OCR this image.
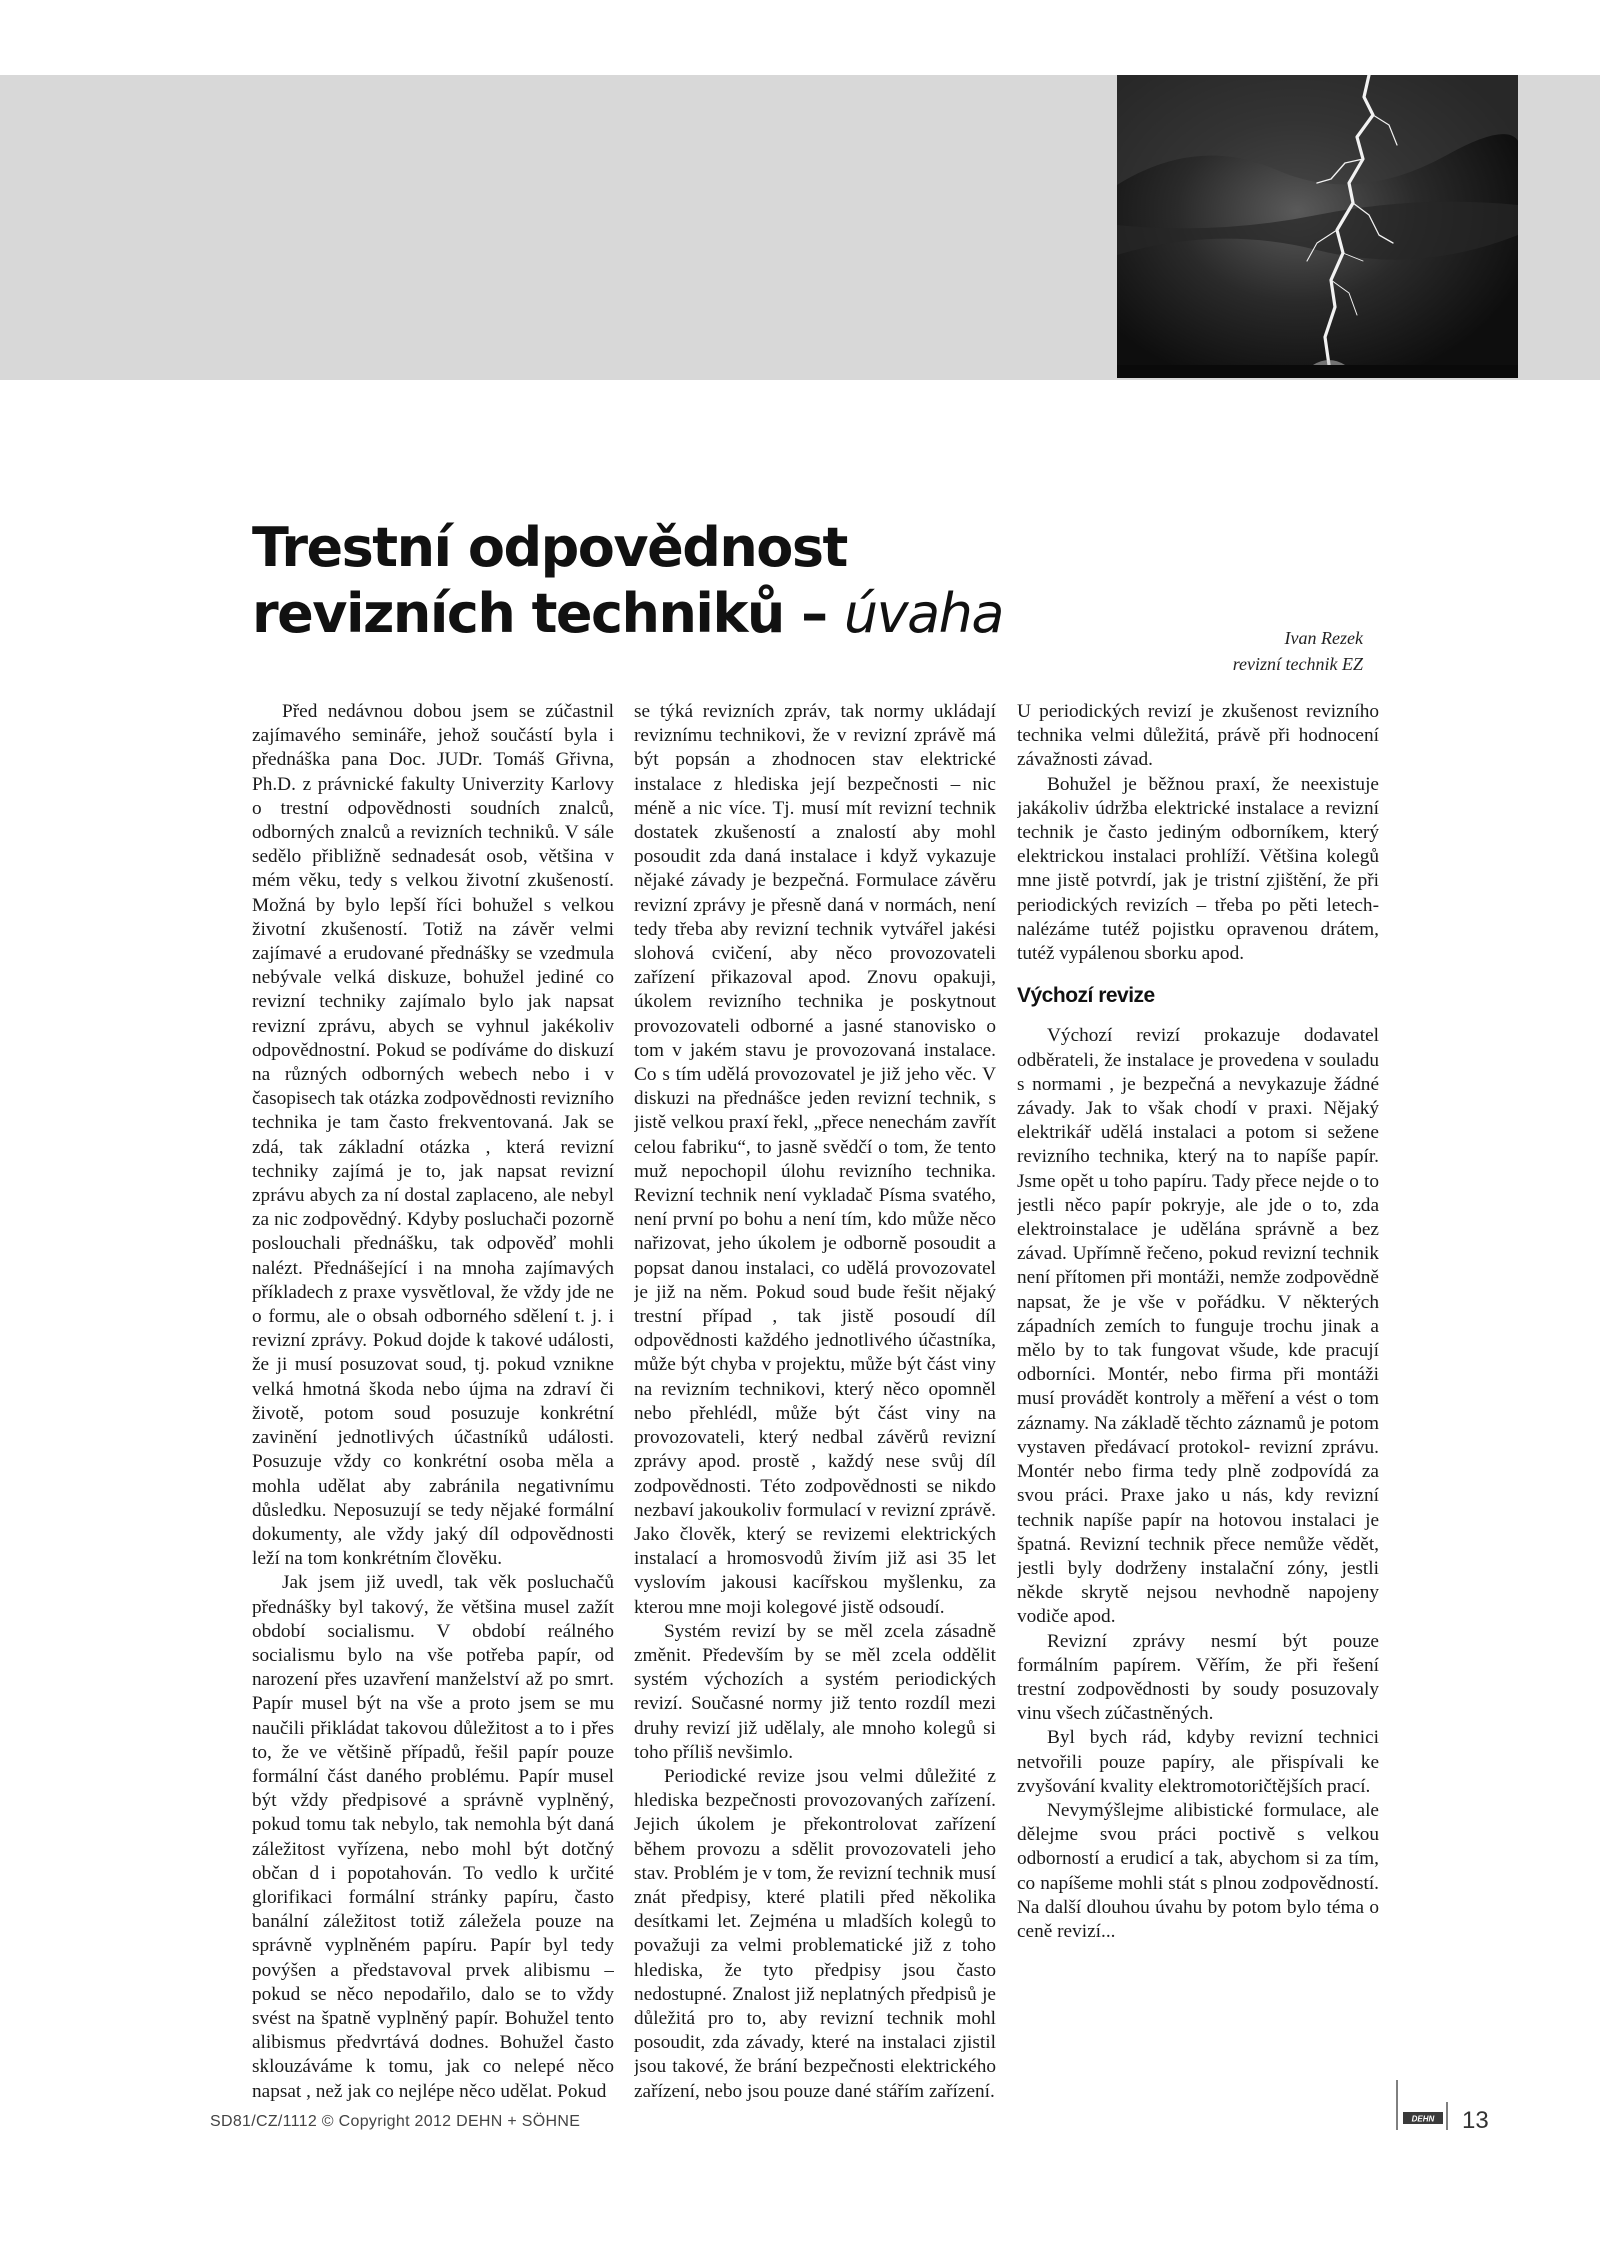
Trestní odpovědnost
revizních techniků – úvaha	Ivan Rezek
revizní technik EZ

Před nedávnou dobou jsem se zúčastnil zajímavého semináře, jehož součástí byla i přednáška pana Doc. JUDr. Tomáš Gřivna, Ph.D. z právnické fakulty Univerzity Karlovy o trestní odpovědnosti soudních znalců, odborných znalců a revizních techniků. V sále sedělo přibližně sednadesát osob, většina v mém věku, tedy s velkou životní zkušeností. Možná by bylo lepší říci bohužel s velkou životní zkušeností. Totiž na závěr velmi zajímavé a erudované přednášky se vzedmula nebývale velká diskuze, bohužel jediné co revizní techniky zajímalo bylo jak napsat revizní zprávu, abych se vyhnul jakékoliv odpovědnostní. Pokud se podíváme do diskuzí na různých odborných webech nebo i v časopisech tak otázka zodpovědnosti revizního technika je tam často frekventovaná. Jak se zdá, tak základní otázka , která revizní techniky zajímá je to, jak napsat revizní zprávu abych za ní dostal zaplaceno, ale nebyl za nic zodpovědný. Kdyby posluchači pozorně poslouchali přednášku, tak odpověď mohli nalézt. Přednášející i na mnoha zajímavých příkladech z praxe vysvětloval, že vždy jde ne o formu, ale o obsah odborného sdělení t. j. i revizní zprávy. Pokud dojde k takové události, že ji musí posuzovat soud, tj. pokud vznikne velká hmotná škoda nebo újma na zdraví či životě, potom soud posuzuje konkrétní zavinění jednotlivých účastníků události. Posuzuje vždy co konkrétní osoba měla a mohla udělat aby zabránila negativnímu důsledku. Neposuzují se tedy nějaké formální dokumenty, ale vždy jaký díl odpovědnosti leží na tom konkrétním člověku.

Jak jsem již uvedl, tak věk posluchačů přednášky byl takový, že většina musel zažít období socialismu. V období reálného socialismu bylo na vše potřeba papír, od narození přes uzavření manželství až po smrt. Papír musel být na vše a proto jsem se mu naučili přikládat takovou důležitost a to i přes to, že ve většině případů, řešil papír pouze formální část daného problému. Papír musel být vždy předpisové a správně vyplněný, pokud tomu tak nebylo, tak nemohla být daná záležitost vyřízena, nebo mohl být dotčný občan d i popotahován. To vedlo k určité glorifikaci formální stránky papíru, často banální záležitost totiž záležela pouze na správně vyplněném papíru. Papír byl tedy povýšen a představoval prvek alibismu – pokud se něco nepodařilo, dalo se to vždy svést na špatně vyplněný papír. Bohužel tento alibismus předvrtává dodnes. Bohužel často sklouzáváme k tomu, jak co nelepé něco napsat , než jak co nejlépe něco udělat. Pokud

se týká revizních zpráv, tak normy ukládají reviznímu technikovi, že v revizní zprávě má být popsán a zhodnocen stav elektrické instalace z hlediska její bezpečnosti – nic méně a nic více. Tj. musí mít revizní technik dostatek zkušeností a znalostí aby mohl posoudit zda daná instalace i když vykazuje nějaké závady je bezpečná. Formulace závěru revizní zprávy je přesně daná v normách, není tedy třeba aby revizní technik vytvářel jakési slohová cvičení, aby něco provozovateli zařízení přikazoval apod. Znovu opakuji, úkolem revizního technika je poskytnout provozovateli odborné a jasné stanovisko o tom v jakém stavu je provozovaná instalace. Co s tím udělá provozovatel je již jeho věc. V diskuzi na přednášce jeden revizní technik, s jistě velkou praxí řekl, „přece nenechám zavřít celou fabriku“, to jasně svědčí o tom, že tento muž nepochopil úlohu revizního technika. Revizní technik není vykladač Písma svatého, není první po bohu a není tím, kdo může něco nařizovat, jeho úkolem je odborně posoudit a popsat danou instalaci, co udělá provozovatel je již na něm. Pokud soud bude řešit nějaký trestní případ , tak jistě posoudí díl odpovědnosti každého jednotlivého účastníka, může být chyba v projektu, může být část viny na revizním technikovi, který něco opomněl nebo přehlédl, může být část viny na provozovateli, který nedbal závěrů revizní zprávy apod. prostě , každý nese svůj díl zodpovědnosti. Této zodpovědnosti se nikdo nezbaví jakoukoliv formulací v revizní zprávě. Jako člověk, který se revizemi elektrických instalací a hromosvodů živím již asi 35 let vyslovím jakousi kacířskou myšlenku, za kterou mne moji kolegové jistě odsoudí.

Systém revizí by se měl zcela zásadně změnit. Především by se měl zcela oddělit systém výchozích a systém periodických revizí. Současné normy již tento rozdíl mezi druhy revizí již udělaly, ale mnoho kolegů si toho příliš nevšimlo.

Periodické revize jsou velmi důležité z hlediska bezpečnosti provozovaných zařízení. Jejich úkolem je překontrolovat zařízení během provozu a sdělit provozovateli jeho stav. Problém je v tom, že revizní technik musí znát předpisy, které platili před několika desítkami let. Zejména u mladších kolegů to považuji za velmi problematické již z toho hlediska, že tyto předpisy jsou často nedostupné. Znalost již neplatných předpisů je důležitá pro to, aby revizní technik mohl posoudit, zda závady, které na instalaci zjistil jsou takové, že brání bezpečnosti elektrického zařízení, nebo jsou pouze dané stářím zařízení.

U periodických revizí je zkušenost revizního technika velmi důležitá, právě při hodnocení závažnosti závad.

Bohužel je běžnou praxí, že neexistuje jakákoliv údržba elektrické instalace a revizní technik je často jediným odborníkem, který elektrickou instalaci prohlíží. Většina kolegů mne jistě potvrdí, jak je tristní zjištění, že při periodických revizích – třeba po pěti letech- nalézáme tutéž pojistku opravenou drátem, tutéž vypálenou sborku apod.

Výchozí revize

Výchozí revizí prokazuje dodavatel odběrateli, že instalace je provedena v souladu s normami , je bezpečná a nevykazuje žádné závady. Jak to však chodí v praxi. Nějaký elektrikář udělá instalaci a potom si sežene revizního technika, který na to napíše papír. Jsme opět u toho papíru. Tady přece nejde o to jestli něco papír pokryje, ale jde o to, zda elektroinstalace je udělána správně a bez závad. Upřímně řečeno, pokud revizní technik není přítomen při montáži, nemže zodpovědně napsat, že je vše v pořádku. V některých západních zemích to funguje trochu jinak a mělo by to tak fungovat všude, kde pracují odborníci. Montér, nebo firma při montáži musí provádět kontroly a měření a vést o tom záznamy. Na základě těchto záznamů je potom vystaven předávací protokol- revizní zprávu. Montér nebo firma tedy plně zodpovídá za svou práci. Praxe jako u nás, kdy revizní technik napíše papír na hotovou instalaci je špatná. Revizní technik přece nemůže vědět, jestli byly dodrženy instalační zóny, jestli někde skrytě nejsou nevhodně napojeny vodiče apod.

Revizní zprávy nesmí být pouze formálním papírem. Věřím, že při řešení trestní zodpovědnosti by soudy posuzovaly vinu všech zúčastněných.

Byl bych rád, kdyby revizní technici netvořili pouze papíry, ale přispívali ke zvyšování kvality elektromotoričtějších prací.

Nevymýšlejme alibistické formulace, ale dělejme svou práci poctivě s velkou odborností a erudicí a tak, abychom si za tím, co napíšeme mohli stát s plnou zodpovědností. Na další dlouhou úvahu by potom bylo téma o ceně revizí...

SD81/CZ/1112 © Copyright 2012 DEHN + SÖHNE	DEHN 13
